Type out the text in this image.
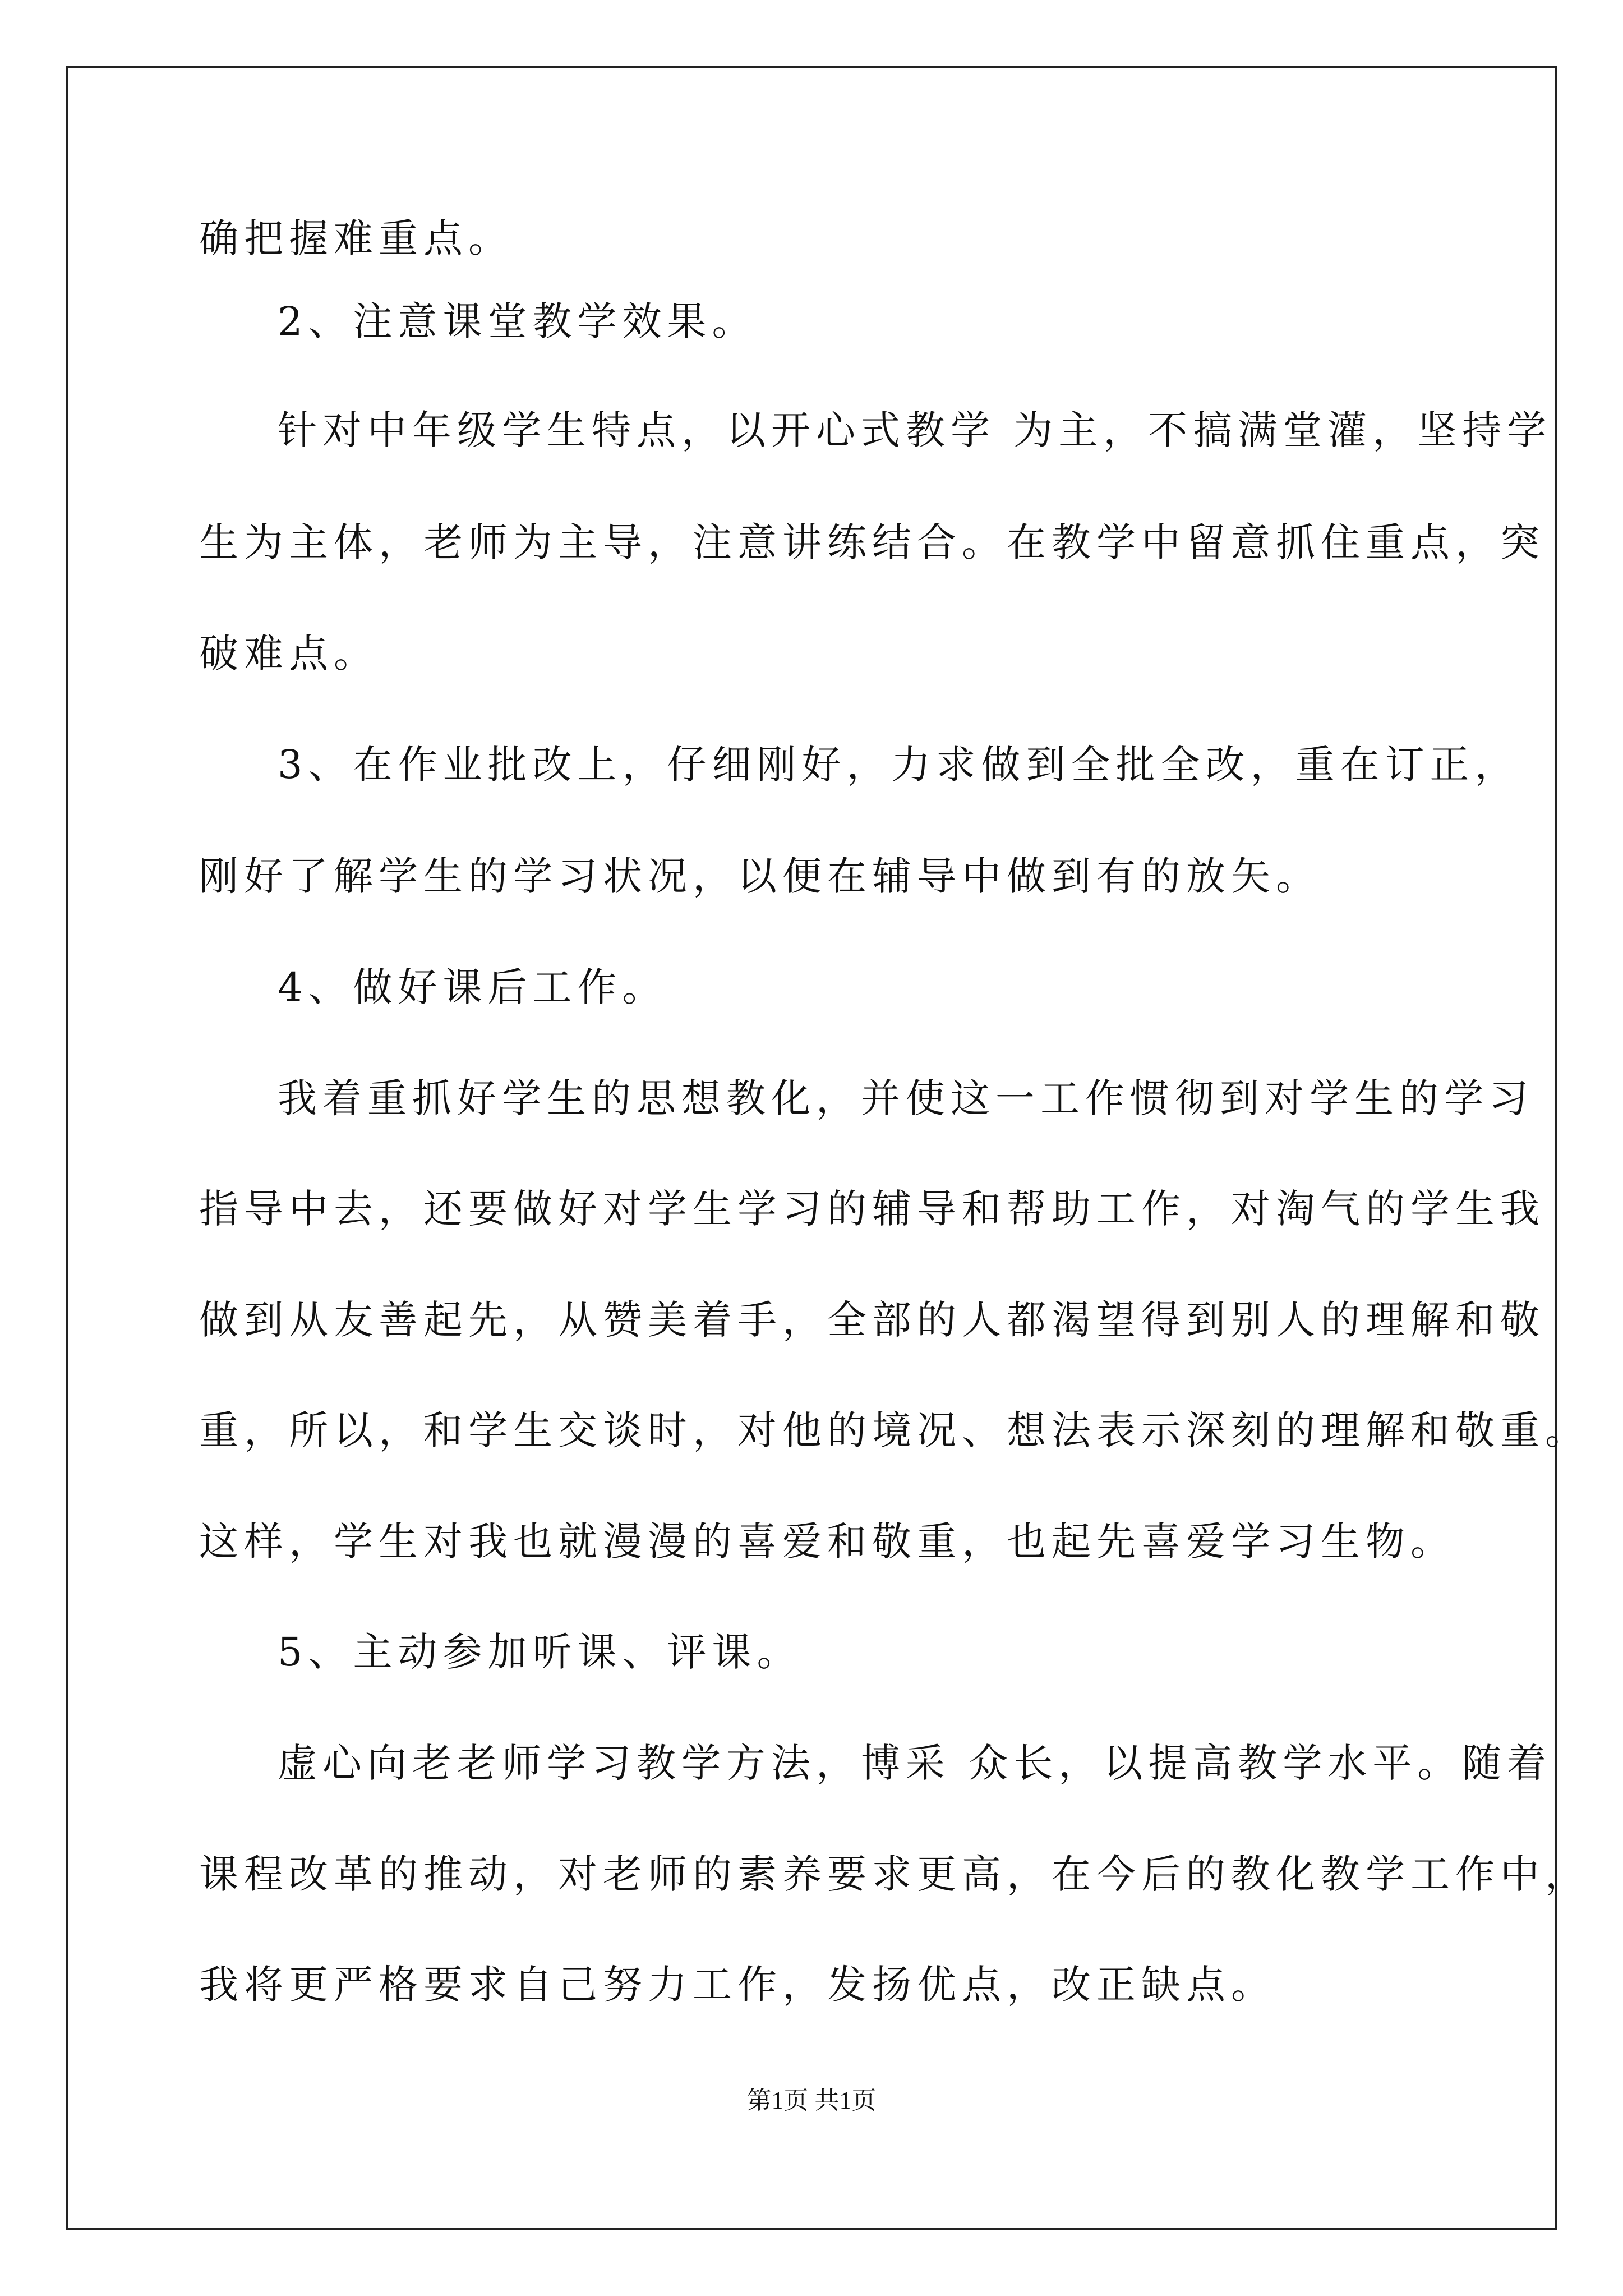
确把握难重点。
2、注意课堂教学效果。
针对中年级学生特点，以开心式教学 为主，不搞满堂灌，坚持学
生为主体，老师为主导，注意讲练结合。在教学中留意抓住重点，突
破难点。
3、在作业批改上，仔细刚好，力求做到全批全改，重在订正，
刚好了解学生的学习状况，以便在辅导中做到有的放矢。
4、做好课后工作。
我着重抓好学生的思想教化，并使这一工作惯彻到对学生的学习
指导中去，还要做好对学生学习的辅导和帮助工作，对淘气的学生我
做到从友善起先，从赞美着手，全部的人都渴望得到别人的理解和敬
重，所以，和学生交谈时，对他的境况、想法表示深刻的理解和敬重。
这样，学生对我也就漫漫的喜爱和敬重，也起先喜爱学习生物。
5、主动参加听课、评课。
虚心向老老师学习教学方法，博采 众长，以提高教学水平。随着
课程改革的推动，对老师的素养要求更高，在今后的教化教学工作中，
我将更严格要求自己努力工作，发扬优点，改正缺点。
第1页 共1页
